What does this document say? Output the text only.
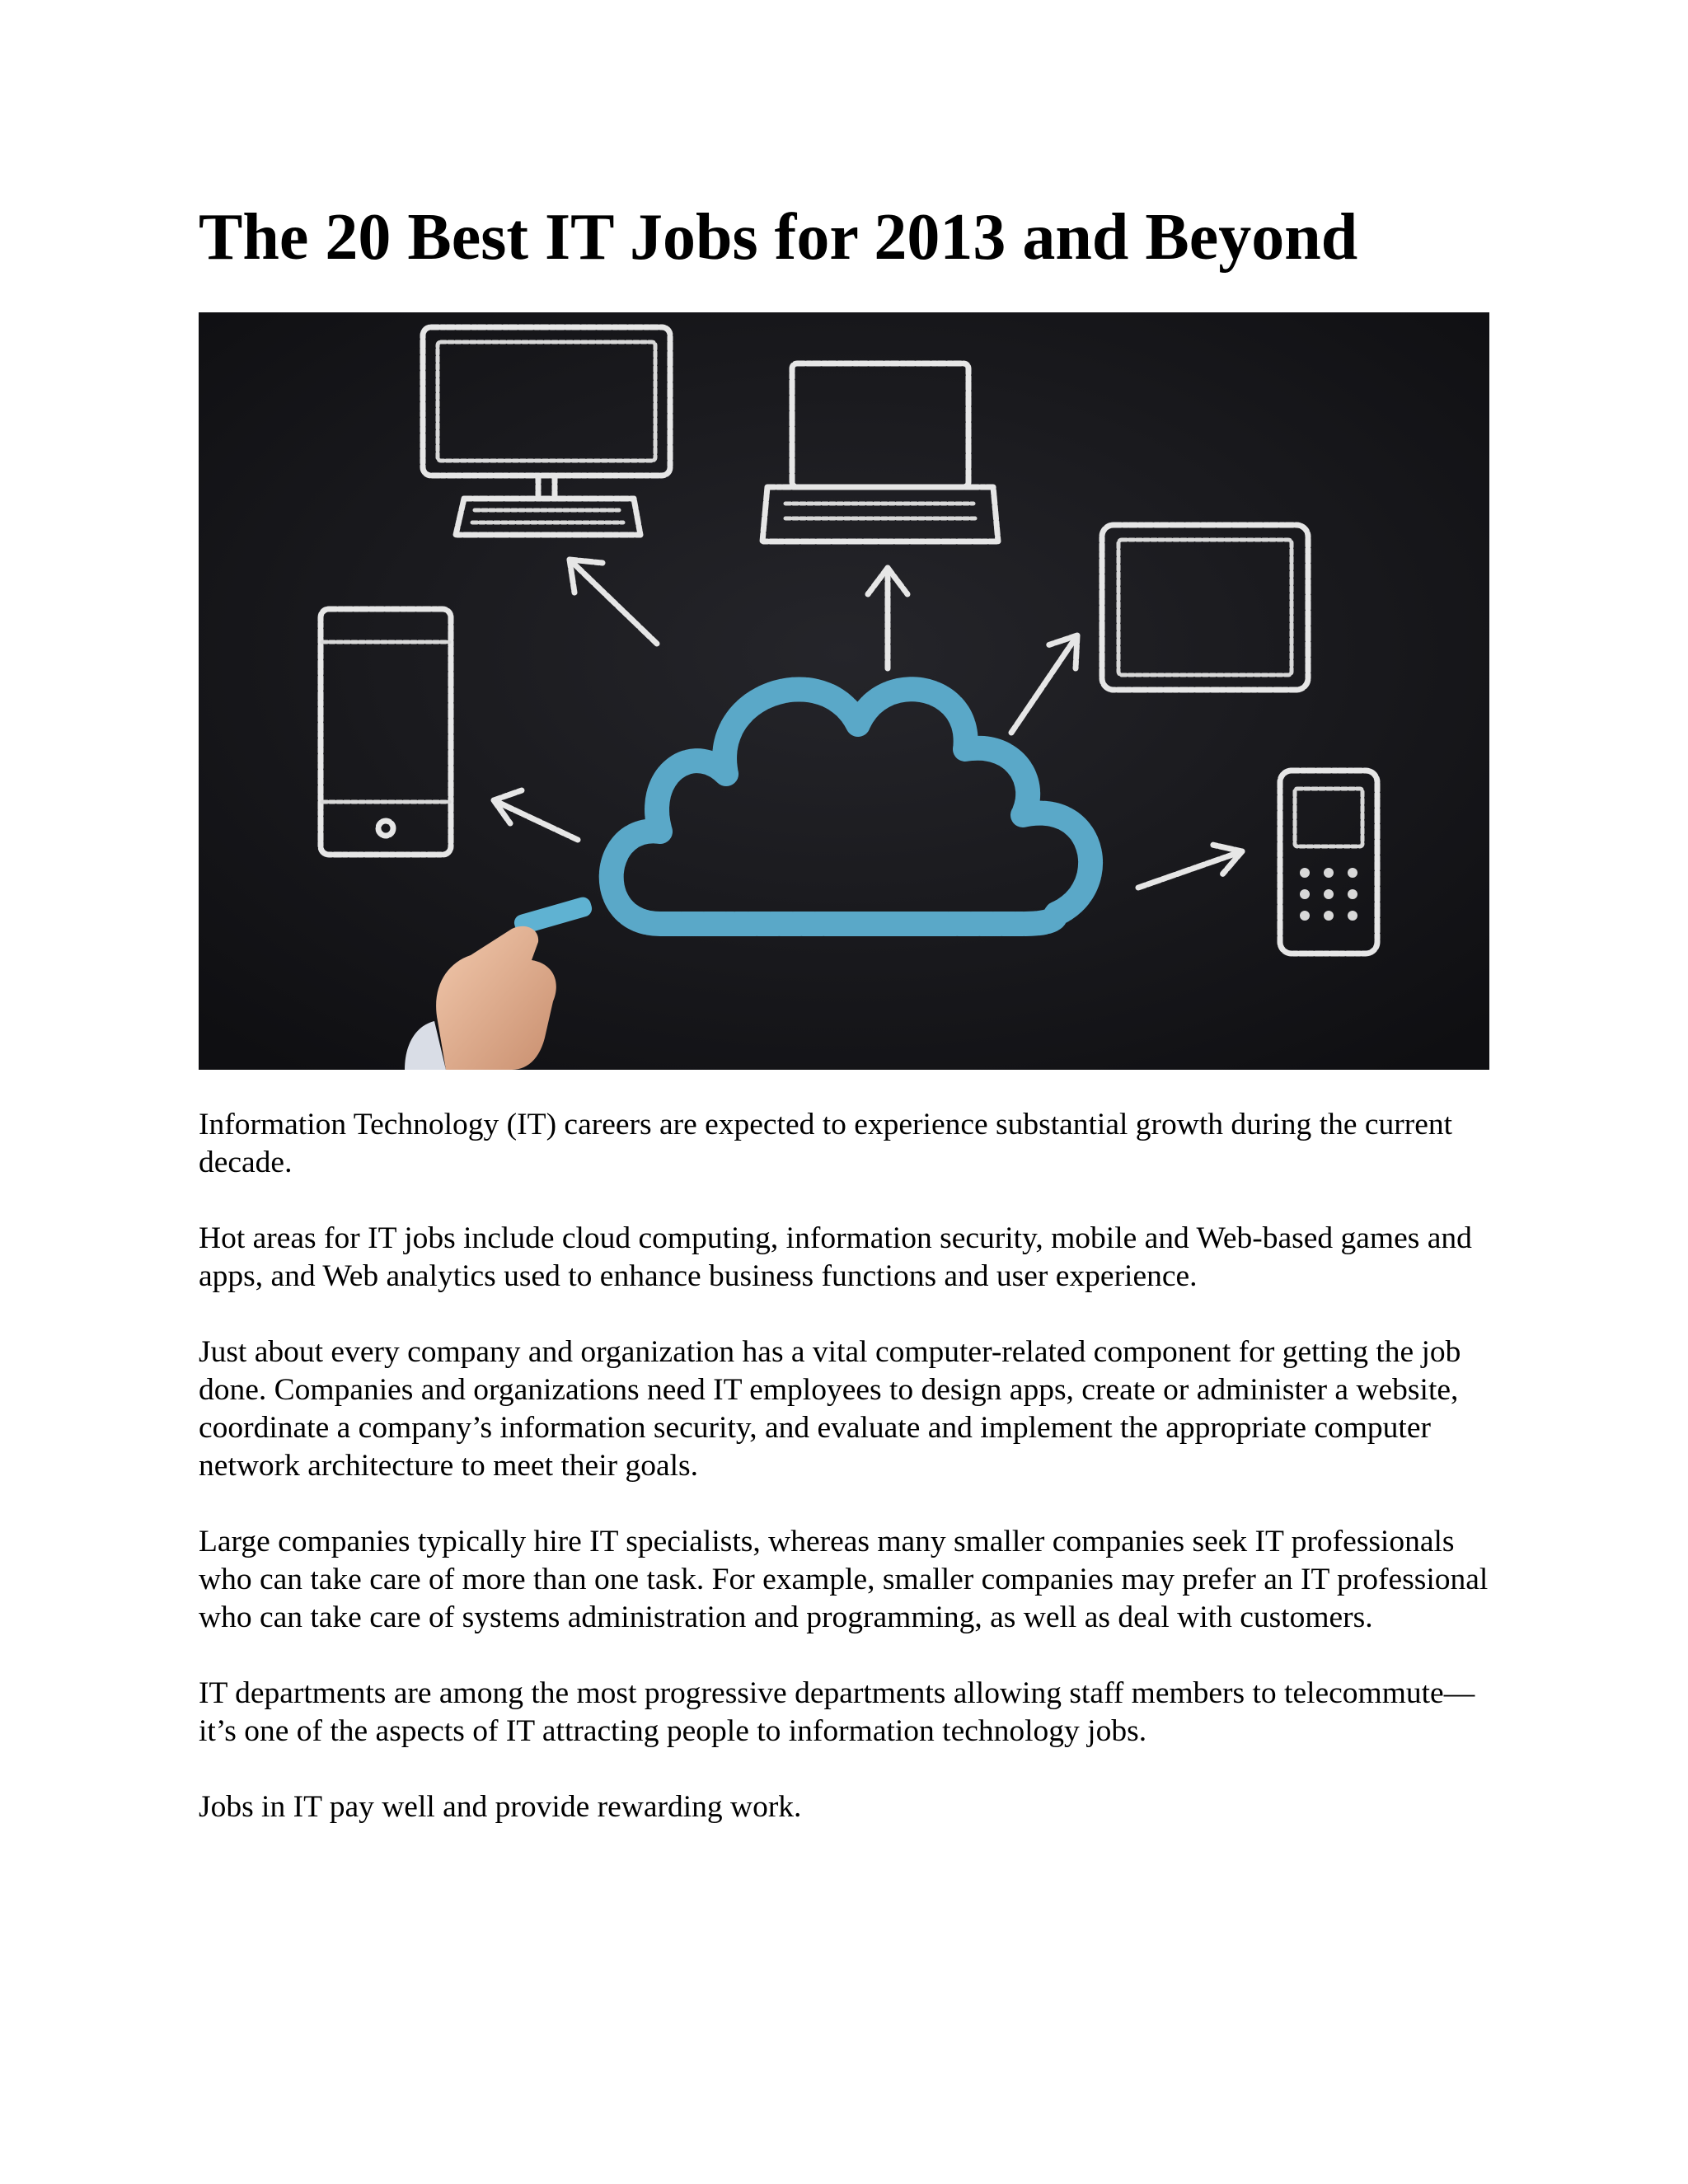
The 20 Best IT Jobs for 2013 and Beyond

Information Technology (IT) careers are expected to experience substantial growth during the current decade.

Hot areas for IT jobs include cloud computing, information security, mobile and Web-based games and apps, and Web analytics used to enhance business functions and user experience.

Just about every company and organization has a vital computer-related component for getting the job done. Companies and organizations need IT employees to design apps, create or administer a website, coordinate a company’s information security, and evaluate and implement the appropriate computer network architecture to meet their goals.

Large companies typically hire IT specialists, whereas many smaller companies seek IT professionals who can take care of more than one task. For example, smaller companies may prefer an IT professional who can take care of systems administration and programming, as well as deal with customers.

IT departments are among the most progressive departments allowing staff members to telecommute—it’s one of the aspects of IT attracting people to information technology jobs.

Jobs in IT pay well and provide rewarding work.
